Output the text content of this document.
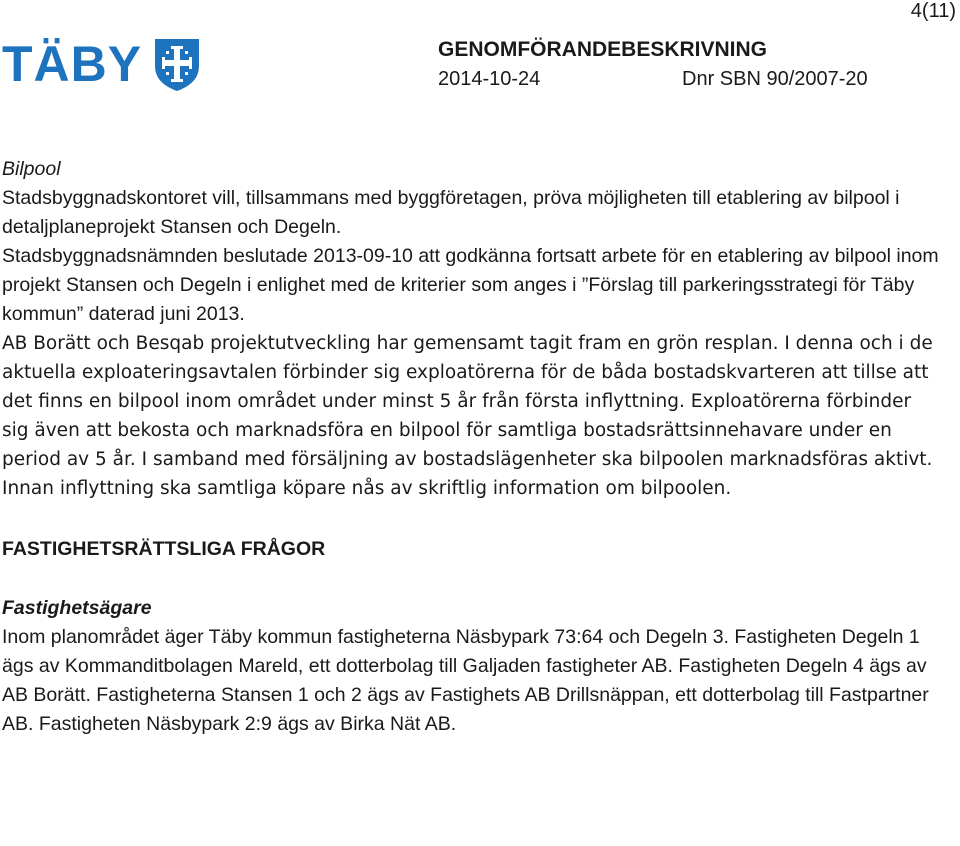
4(11)
TÄBY	GENOMFÖRANDEBESKRIVNING
2014-10-24	Dnr SBN 90/2007-20

Bilpool

Stadsbyggnadskontoret vill, tillsammans med byggföretagen, pröva möjligheten till etablering av bilpool i detaljplaneprojekt Stansen och Degeln.

Stadsbyggnadsnämnden beslutade 2013-09-10 att godkänna fortsatt arbete för en etablering av bilpool inom projekt Stansen och Degeln i enlighet med de kriterier som anges i ”Förslag till parkeringsstrategi för Täby kommun” daterad juni 2013.

AB Borätt och Besqab projektutveckling har gemensamt tagit fram en grön resplan. I denna och i de aktuella exploateringsavtalen förbinder sig exploatörerna för de båda bostadskvarteren att tillse att det finns en bilpool inom området under minst 5 år från första inflyttning. Exploatörerna förbinder sig även att bekosta och marknadsföra en bilpool för samtliga bostadsrättsinnehavare under en period av 5 år. I samband med försäljning av bostadslägenheter ska bilpoolen marknadsföras aktivt. Innan inflyttning ska samtliga köpare nås av skriftlig information om bilpoolen.

FASTIGHETSRÄTTSLIGA FRÅGOR

Fastighetsägare

Inom planområdet äger Täby kommun fastigheterna Näsbypark 73:64 och Degeln 3. Fastigheten Degeln 1 ägs av Kommanditbolagen Mareld, ett dotterbolag till Galjaden fastigheter AB. Fastigheten Degeln 4 ägs av AB Borätt. Fastigheterna Stansen 1 och 2 ägs av Fastighets AB Drillsnäppan, ett dotterbolag till Fastpartner AB. Fastigheten Näsbypark 2:9 ägs av Birka Nät AB.
